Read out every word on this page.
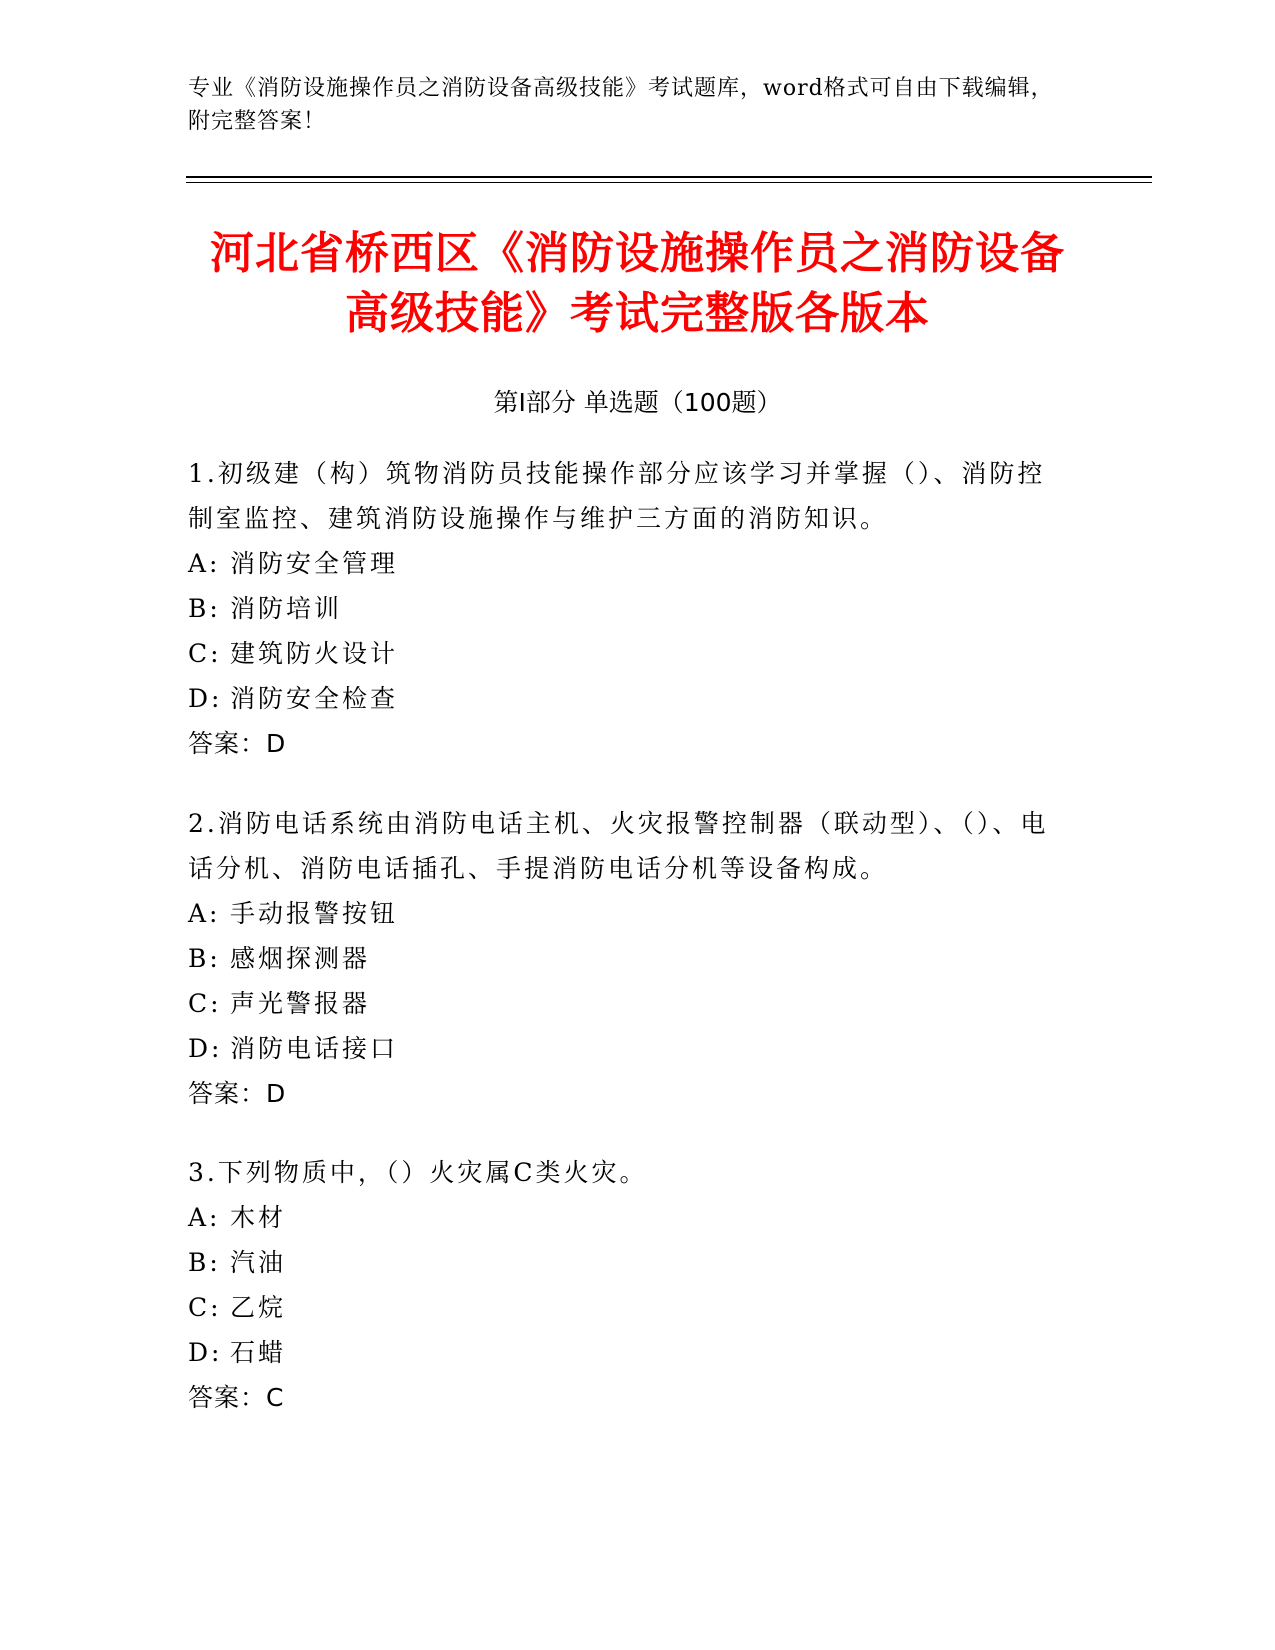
专业《消防设施操作员之消防设备高级技能》考试题库，word格式可自由下载编辑，附完整答案！
河北省桥西区《消防设施操作员之消防设备
高级技能》考试完整版各版本
第Ⅰ部分 单选题（100题）
1.初级建（构）筑物消防员技能操作部分应该学习并掌握（）、消防控制室监控、建筑消防设施操作与维护三方面的消防知识。
A: 消防安全管理
B: 消防培训
C: 建筑防火设计
D: 消防安全检查
答案：D
2.消防电话系统由消防电话主机、火灾报警控制器（联动型）、（）、电话分机、消防电话插孔、手提消防电话分机等设备构成。
A: 手动报警按钮
B: 感烟探测器
C: 声光警报器
D: 消防电话接口
答案：D
3.下列物质中，（）火灾属C类火灾。
A: 木材
B: 汽油
C: 乙烷
D: 石蜡
答案：C
